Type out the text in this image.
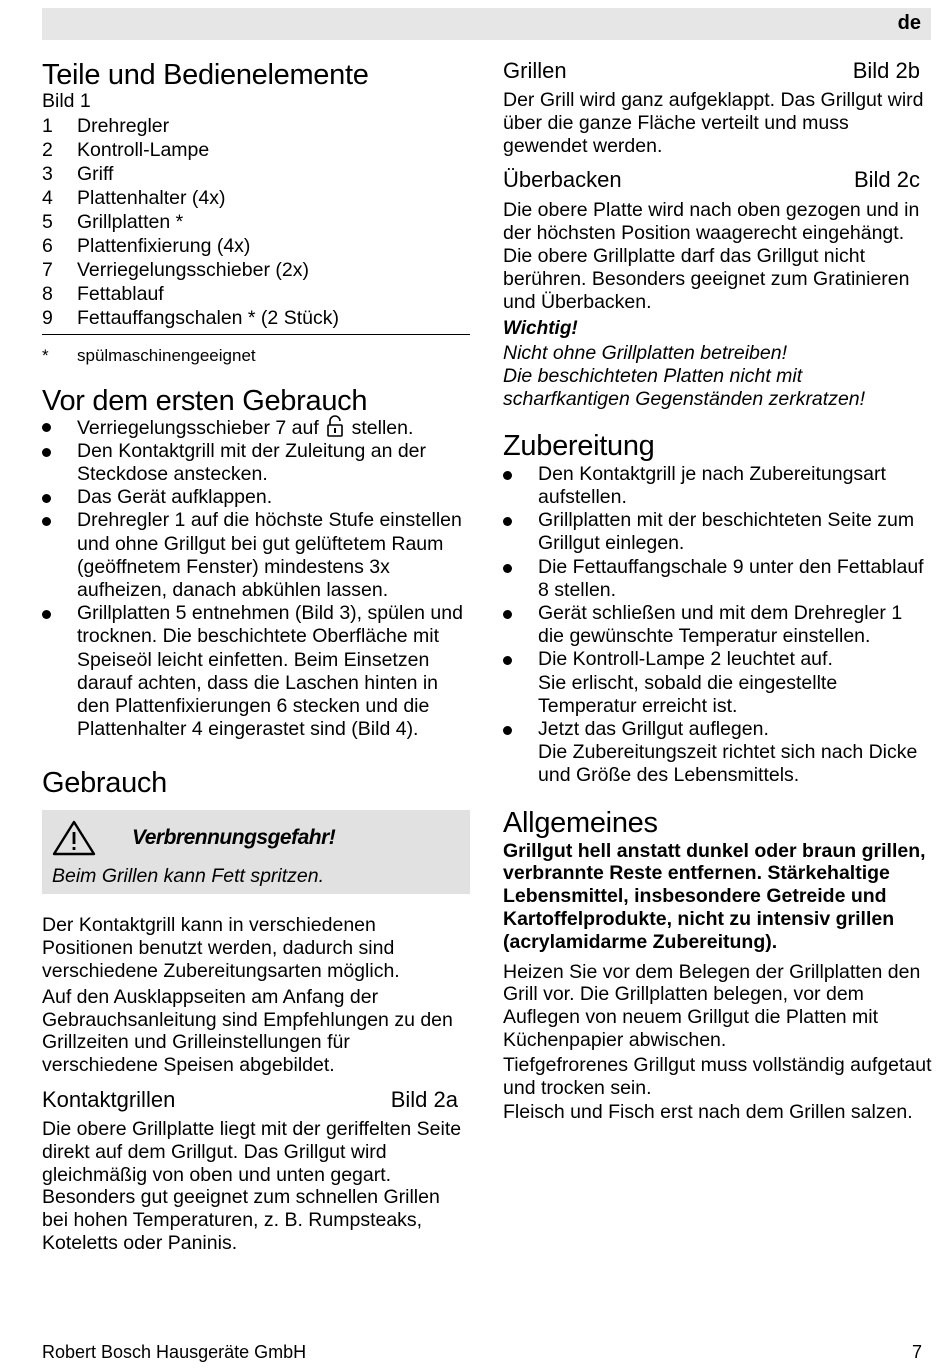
de
Teile und Bedienelemente
Bild 1
1	Drehregler
2	Kontroll-Lampe
3	Griff
4	Plattenhalter (4x)
5	Grillplatten *
6	Plattenfixierung (4x)
7	Verriegelungsschieber (2x)
8	Fettablauf
9	Fettauffangschalen * (2 Stück)
*	spülmaschinengeeignet
Vor dem ersten Gebrauch
Verriegelungsschieber 7 auf  stellen.
Den Kontaktgrill mit der Zuleitung an der Steckdose anstecken.
Das Gerät aufklappen.
Drehregler 1 auf die höchste Stufe einstellen und ohne Grillgut bei gut gelüftetem Raum (geöffnetem Fenster) mindestens 3x aufheizen, danach abkühlen lassen.
Grillplatten 5 entnehmen (Bild 3), spülen und trocknen. Die beschichtete Oberfläche mit Speiseöl leicht einfetten. Beim Einsetzen darauf achten, dass die Laschen hinten in den Plattenfixierungen 6 stecken und die Plattenhalter 4 eingerastet sind (Bild 4).
Gebrauch
Verbrennungsgefahr!
Beim Grillen kann Fett spritzen.

Der Kontaktgrill kann in verschiedenen Positionen benutzt werden, dadurch sind verschiedene Zubereitungsarten möglich.

Auf den Ausklappseiten am Anfang der Gebrauchsanleitung sind Empfehlungen zu den Grillzeiten und Grilleinstellungen für verschiedene Speisen abgebildet.

Kontaktgrillen	Bild 2a

Die obere Grillplatte liegt mit der geriffelten Seite direkt auf dem Grillgut. Das Grillgut wird gleichmäßig von oben und unten gegart. Besonders gut geeignet zum schnellen Grillen bei hohen Temperaturen, z. B. Rumpsteaks, Koteletts oder Paninis.

Grillen	Bild 2b

Der Grill wird ganz aufgeklappt. Das Grillgut wird über die ganze Fläche verteilt und muss gewendet werden.

Überbacken	Bild 2c

Die obere Platte wird nach oben gezogen und in der höchsten Position waagerecht eingehängt. Die obere Grillplatte darf das Grillgut nicht berühren. Besonders geeignet zum Gratinieren und Überbacken.

Wichtig!

Nicht ohne Grillplatten betreiben!

Die beschichteten Platten nicht mit scharfkantigen Gegenständen zerkratzen!

Zubereitung
Den Kontaktgrill je nach Zubereitungsart aufstellen.
Grillplatten mit der beschichteten Seite zum Grillgut einlegen.
Die Fettauffangschale 9 unter den Fettablauf 8 stellen.
Gerät schließen und mit dem Drehregler 1 die gewünschte Temperatur einstellen.
Die Kontroll-Lampe 2 leuchtet auf.
Sie erlischt, sobald die eingestellte Temperatur erreicht ist.
Jetzt das Grillgut auflegen.
Die Zubereitungszeit richtet sich nach Dicke und Größe des Lebensmittels.
Allgemeines

Grillgut hell anstatt dunkel oder braun grillen, verbrannte Reste entfernen. Stärkehaltige Lebensmittel, insbesondere Getreide und Kartoffelprodukte, nicht zu intensiv grillen (acrylamidarme Zubereitung).

Heizen Sie vor dem Belegen der Grillplatten den Grill vor. Die Grillplatten belegen, vor dem Auflegen von neuem Grillgut die Platten mit Küchenpapier abwischen.

Tiefgefrorenes Grillgut muss vollständig aufgetaut und trocken sein.

Fleisch und Fisch erst nach dem Grillen salzen.

Robert Bosch Hausgeräte GmbH	7
